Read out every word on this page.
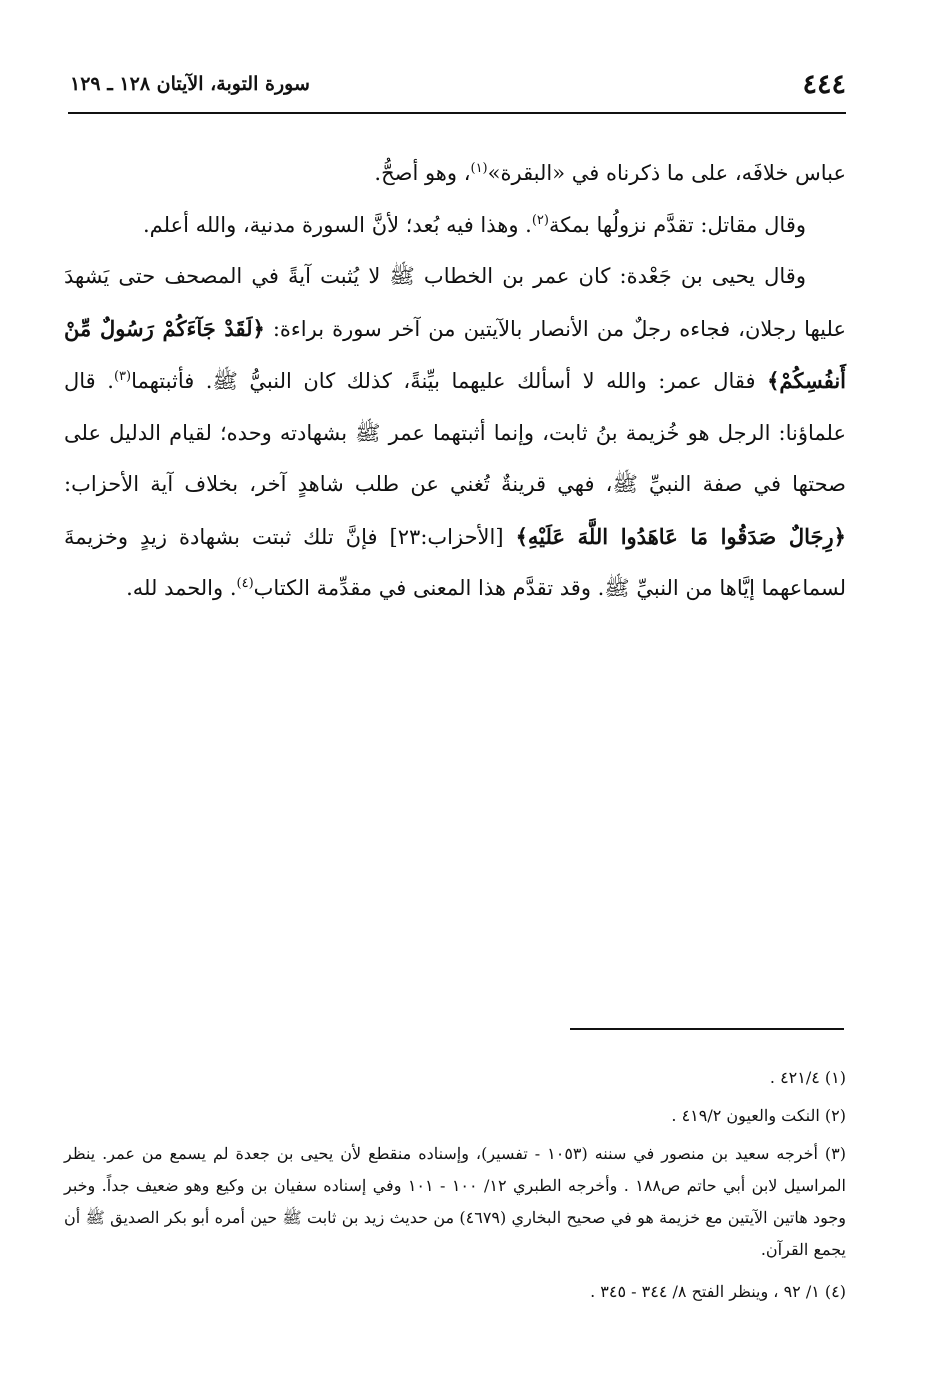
٤٤٤
سورة التوبة، الآيتان ١٢٨ ـ ١٢٩

عباس خلافَه، على ما ذكرناه في «البقرة»$^{(١)}$، وهو أصحُّ.

وقال مقاتل: تقدَّم نزولُها بمكة$^{(٢)}$. وهذا فيه بُعد؛ لأنَّ السورة مدنية، والله أعلم.

وقال يحيى بن جَعْدة: كان عمر بن الخطاب ﷺ لا يُثبت آيةً في المصحف حتى يَشهدَ عليها رجلان، فجاءه رجلٌ من الأنصار بالآيتين من آخر سورة براءة: ﴿لَقَدْ جَآءَكُمْ رَسُولٌ مِّنْ أَنفُسِكُمْ﴾ فقال عمر: والله لا أسألك عليهما بيِّنةً، كذلك كان النبيُّ ﷺ. فأثبتهما$^{(٣)}$. قال علماؤنا: الرجل هو خُزيمة بنُ ثابت، وإنما أثبتهما عمر ﷺ بشهادته وحده؛ لقيام الدليل على صحتها في صفة النبيِّ ﷺ، فهي قرينةٌ تُغني عن طلب شاهدٍ آخر، بخلاف آية الأحزاب: ﴿رِجَالٌ صَدَقُوا مَا عَاهَدُوا اللَّهَ عَلَيْهِ﴾ [الأحزاب:٢٣] فإنَّ تلك ثبتت بشهادة زيدٍ وخزيمةَ لسماعهما إيَّاها من النبيِّ ﷺ. وقد تقدَّم هذا المعنى في مقدِّمة الكتاب$^{(٤)}$. والحمد لله.

(١) ٤٢١/٤ .

(٢) النكت والعيون ٤١٩/٢ .

(٣) أخرجه سعيد بن منصور في سننه (١٠٥٣ - تفسير)، وإسناده منقطع لأن يحيى بن جعدة لم يسمع من عمر. ينظر المراسيل لابن أبي حاتم ص١٨٨ . وأخرجه الطبري ١٢/ ١٠٠ - ١٠١ وفي إسناده سفيان بن وكيع وهو ضعيف جداً. وخبر وجود هاتين الآيتين مع خزيمة هو في صحيح البخاري (٤٦٧٩) من حديث زيد بن ثابت ﷺ حين أمره أبو بكر الصديق ﷺ أن يجمع القرآن.

(٤) ١/ ٩٢ ، وينظر الفتح ٨/ ٣٤٤ - ٣٤٥ .
